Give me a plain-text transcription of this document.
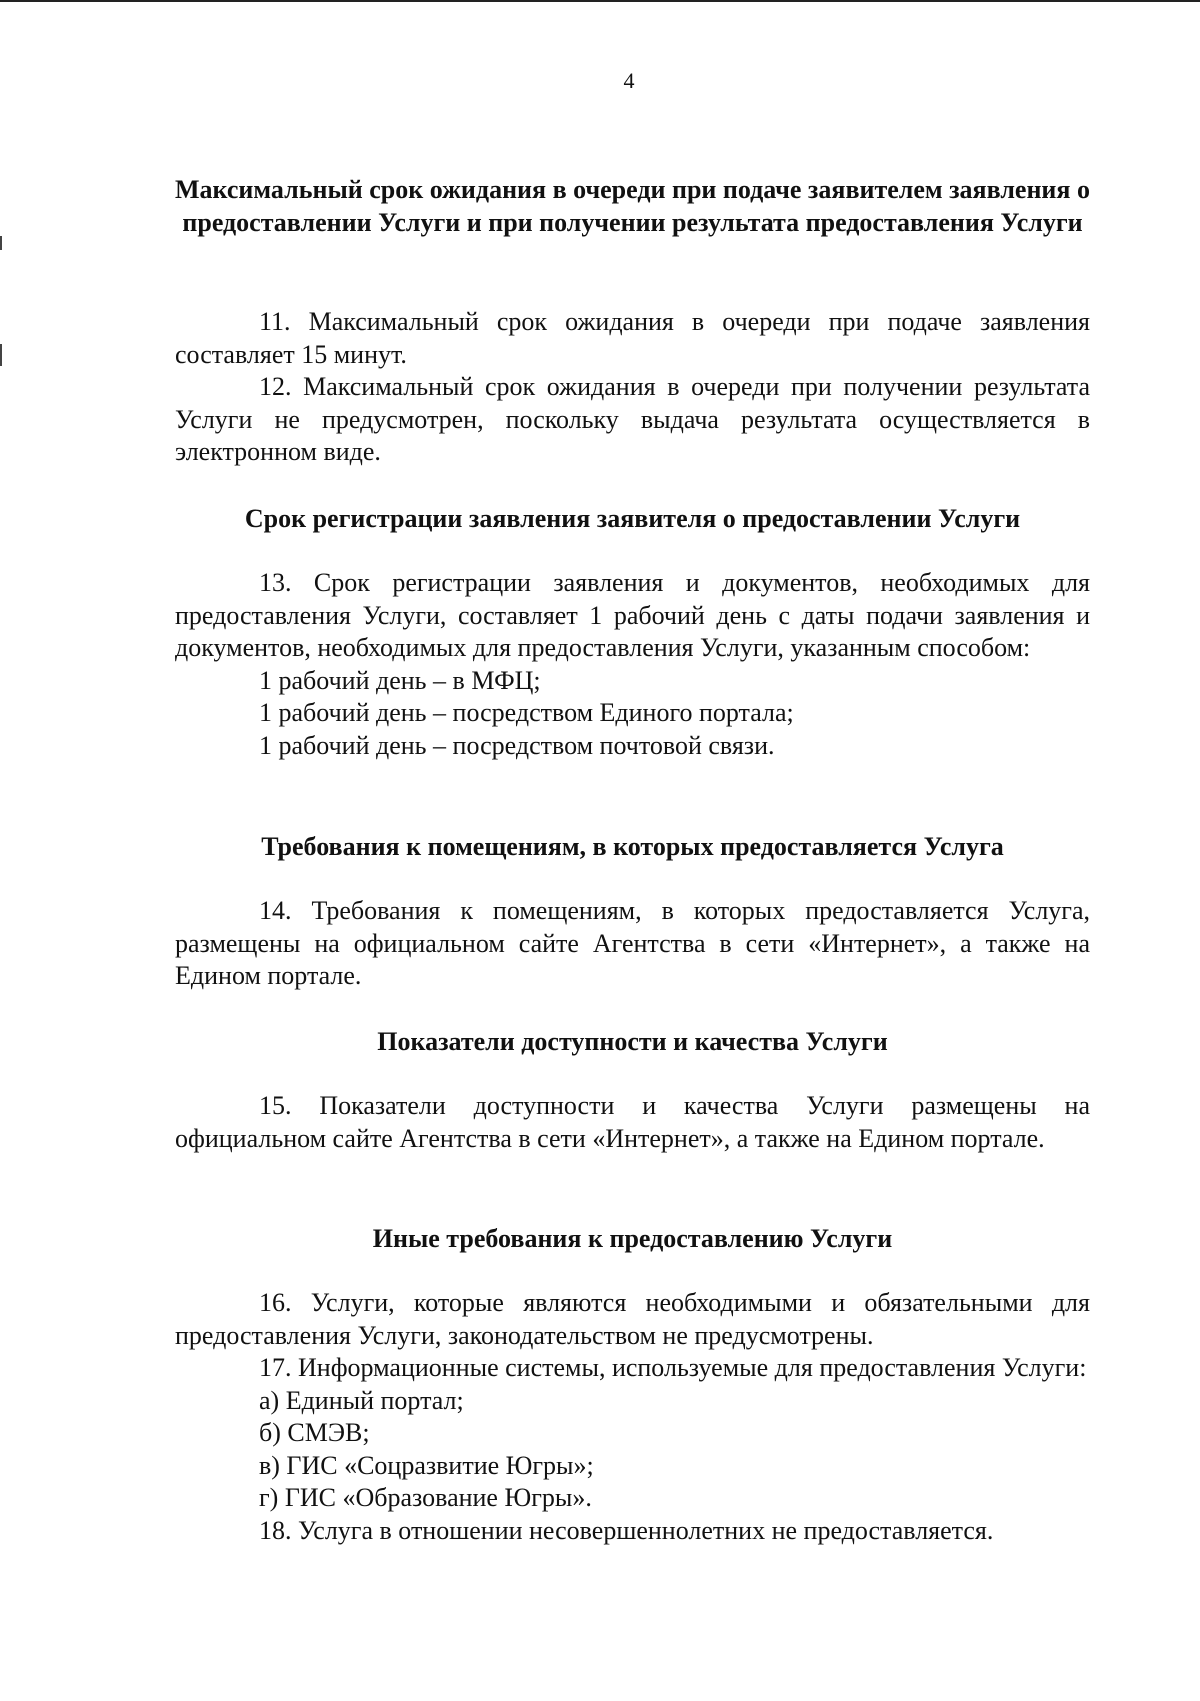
4

Максимальный срок ожидания в очереди при подаче заявителем заявления о предоставлении Услуги и при получении результата предоставления Услуги

11. Максимальный срок ожидания в очереди при подаче заявления составляет 15 минут.

12. Максимальный срок ожидания в очереди при получении результата Услуги не предусмотрен, поскольку выдача результата осуществляется в электронном виде.

Срок регистрации заявления заявителя о предоставлении Услуги

13. Срок регистрации заявления и документов, необходимых для предоставления Услуги, составляет 1 рабочий день с даты подачи заявления и документов, необходимых для предоставления Услуги, указанным способом:

1 рабочий день – в МФЦ;

1 рабочий день – посредством Единого портала;

1 рабочий день – посредством почтовой связи.

Требования к помещениям, в которых предоставляется Услуга

14. Требования к помещениям, в которых предоставляется Услуга, размещены на официальном сайте Агентства в сети «Интернет», а также на Едином портале.

Показатели доступности и качества Услуги

15. Показатели доступности и качества Услуги размещены на официальном сайте Агентства в сети «Интернет», а также на Едином портале.

Иные требования к предоставлению Услуги

16. Услуги, которые являются необходимыми и обязательными для предоставления Услуги, законодательством не предусмотрены.

17. Информационные системы, используемые для предоставления Услуги:

а) Единый портал;

б) СМЭВ;

в) ГИС «Соцразвитие Югры»;

г) ГИС «Образование Югры».

18. Услуга в отношении несовершеннолетних не предоставляется.
